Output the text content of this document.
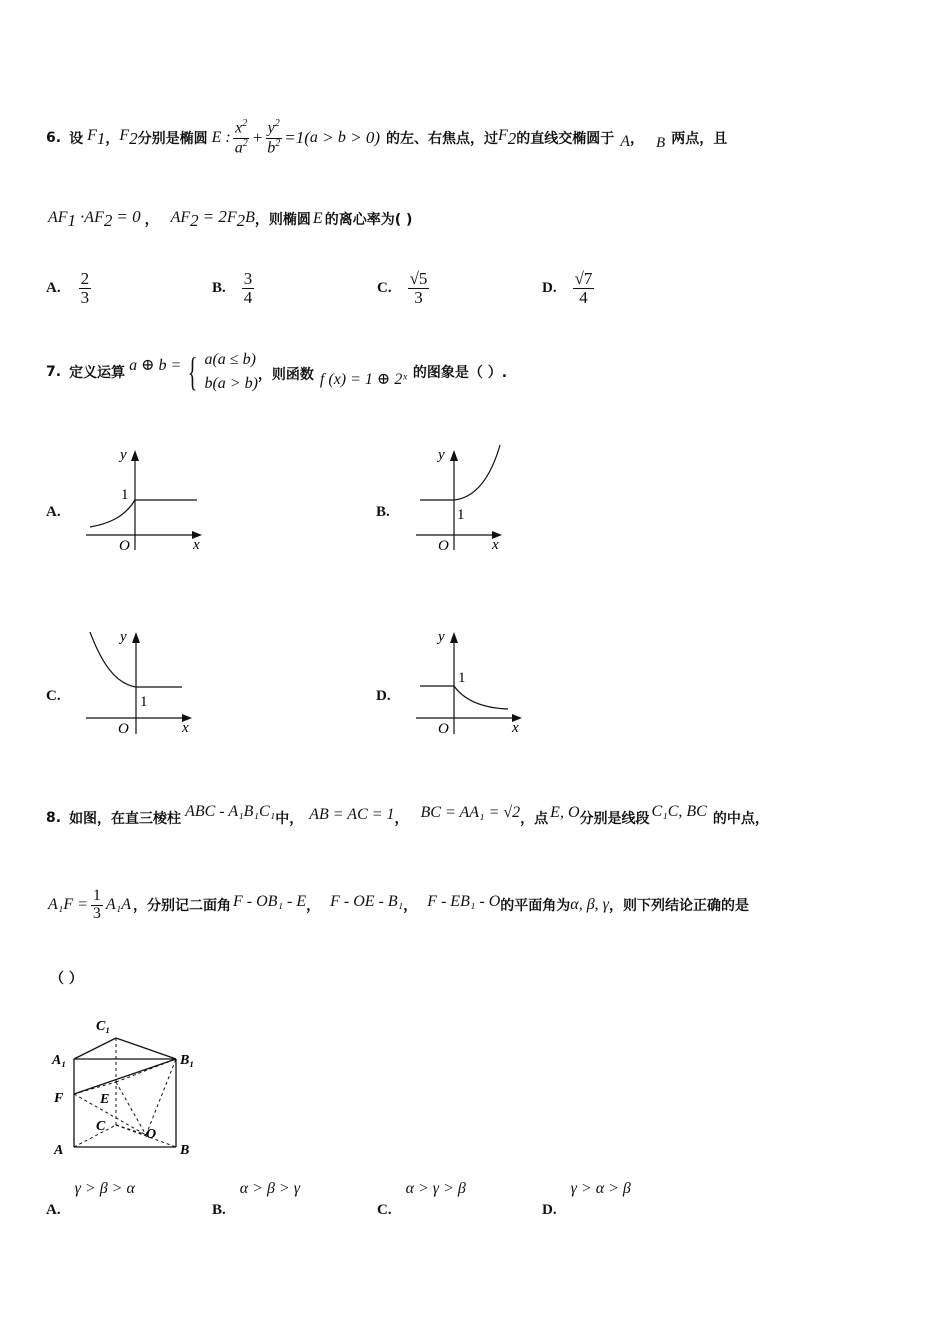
6. 设 $F_1$ ， $F_2$ 分别是椭圆 E : $\frac{x^2}{a^2} + \frac{y^2}{b^2} =1$( a > b > 0) 的左、右焦点，过 $F_2$ 的直线交椭圆于 A ， B 两点，且
$AF_1 \cdot AF_2 = 0$ ， $AF_2 = 2F_2B$ ，则椭圆 E 的离心率为( )
A. $\frac{2}{3}$	B. $\frac{3}{4}$	C. $\frac{√5}{3}$	D. $\frac{√7}{4}$
7. 定义运算 a ⊕ b = { a(a ≤ b)
b(a > b) ，则函数 f (x) = 1 ⊕ 2ˣ 的图象是（ ）.
A.
y
x
O
1
B.
y
x
O
1
C.
y
x
O
1	D.
y
x
O
1
8. 如图，在直三棱柱 ABC - A₁B₁C₁ 中， AB = AC = 1 ， BC = AA₁ = √2 ，点 E, O 分别是线段 C₁C, BC 的中点，
$A_1F = \frac{1}{3} A_1A$ ，分别记二面角 F - OB₁ - E ， F - OE - B₁ ， F - EB₁ - O 的平面角为 α, β, γ ，则下列结论正确的是
（ ）
C₁
A₁	B₁
F	E
C
O
A	B
A.
γ > β > α
B.
α > β > γ
C.
α > γ > β
D.
γ > α > β
